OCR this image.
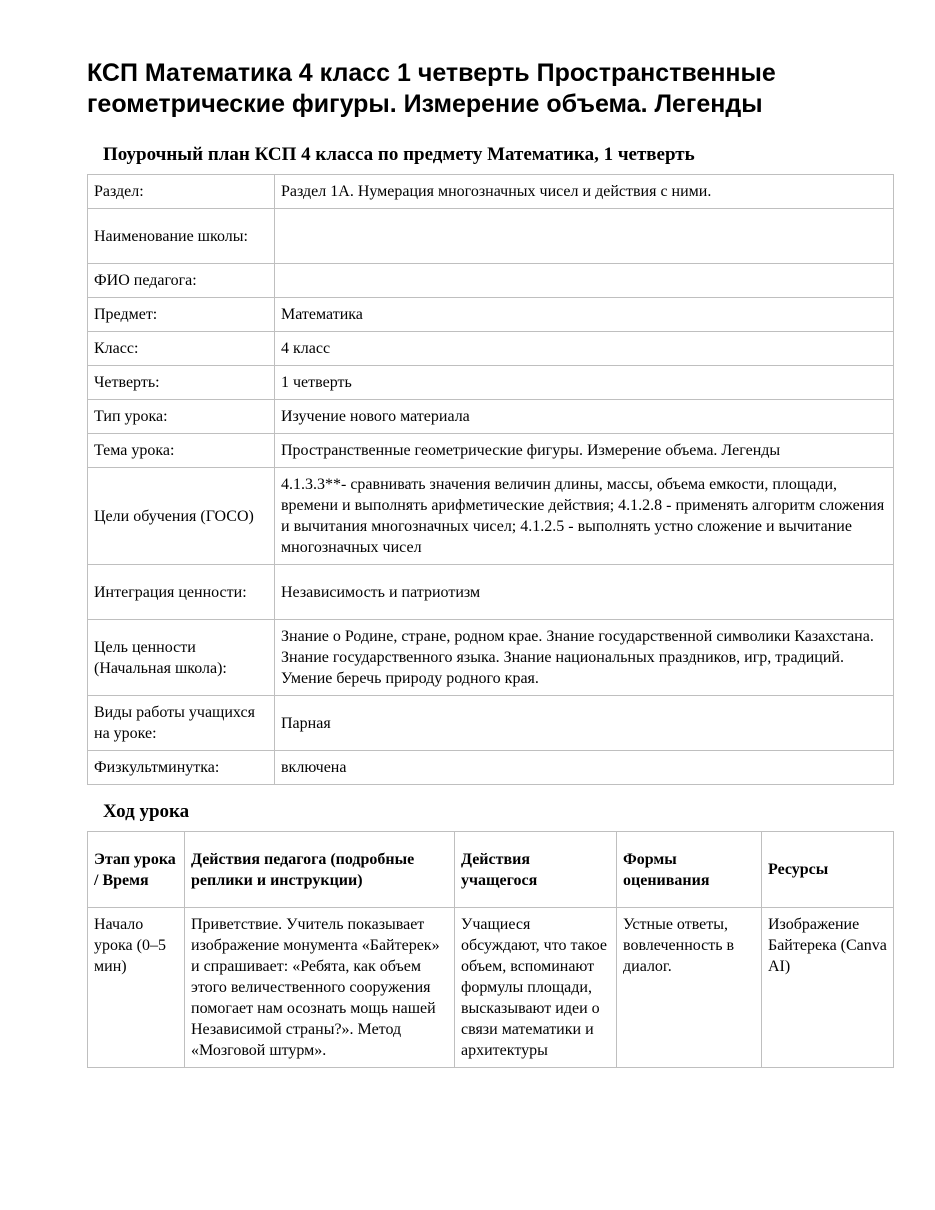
КСП Математика 4 класс 1 четверть Пространственные геометрические фигуры. Измерение объема. Легенды
Поурочный план КСП 4 класса по предмету Математика, 1 четверть
Раздел:	Раздел 1А. Нумерация многозначных чисел и действия с ними.
Наименование школы:	
ФИО педагога:	
Предмет:	Математика
Класс:	4 класс
Четверть:	1 четверть
Тип урока:	Изучение нового материала
Тема урока:	Пространственные геометрические фигуры. Измерение объема. Легенды
Цели обучения (ГОСО)	4.1.3.3**- сравнивать значения величин длины, массы, объема емкости, площади, времени и выполнять арифметические действия; 4.1.2.8 - применять алгоритм сложения и вычитания многозначных чисел; 4.1.2.5 - выполнять устно сложение и вычитание многозначных чисел
Интеграция ценности:	Независимость и патриотизм
Цель ценности (Начальная школа):	Знание о Родине, стране, родном крае. Знание государственной символики Казахстана. Знание государственного языка. Знание национальных праздников, игр, традиций. Умение беречь природу родного края.
Виды работы учащихся на уроке:	Парная
Физкультминутка:	включена
Ход урока
Этап урока / Время	Действия педагога (подробные реплики и инструкции)	Действия учащегося	Формы оценивания	Ресурсы
Начало урока (0–5 мин)	Приветствие. Учитель показывает изображение монумента «Байтерек» и спрашивает: «Ребята, как объем этого величественного сооружения помогает нам осознать мощь нашей Независимой страны?». Метод «Мозговой штурм».	Учащиеся обсуждают, что такое объем, вспоминают формулы площади, высказывают идеи о связи математики и архитектуры	Устные ответы, вовлеченность в диалог.	Изображение Байтерека (Canva AI)
